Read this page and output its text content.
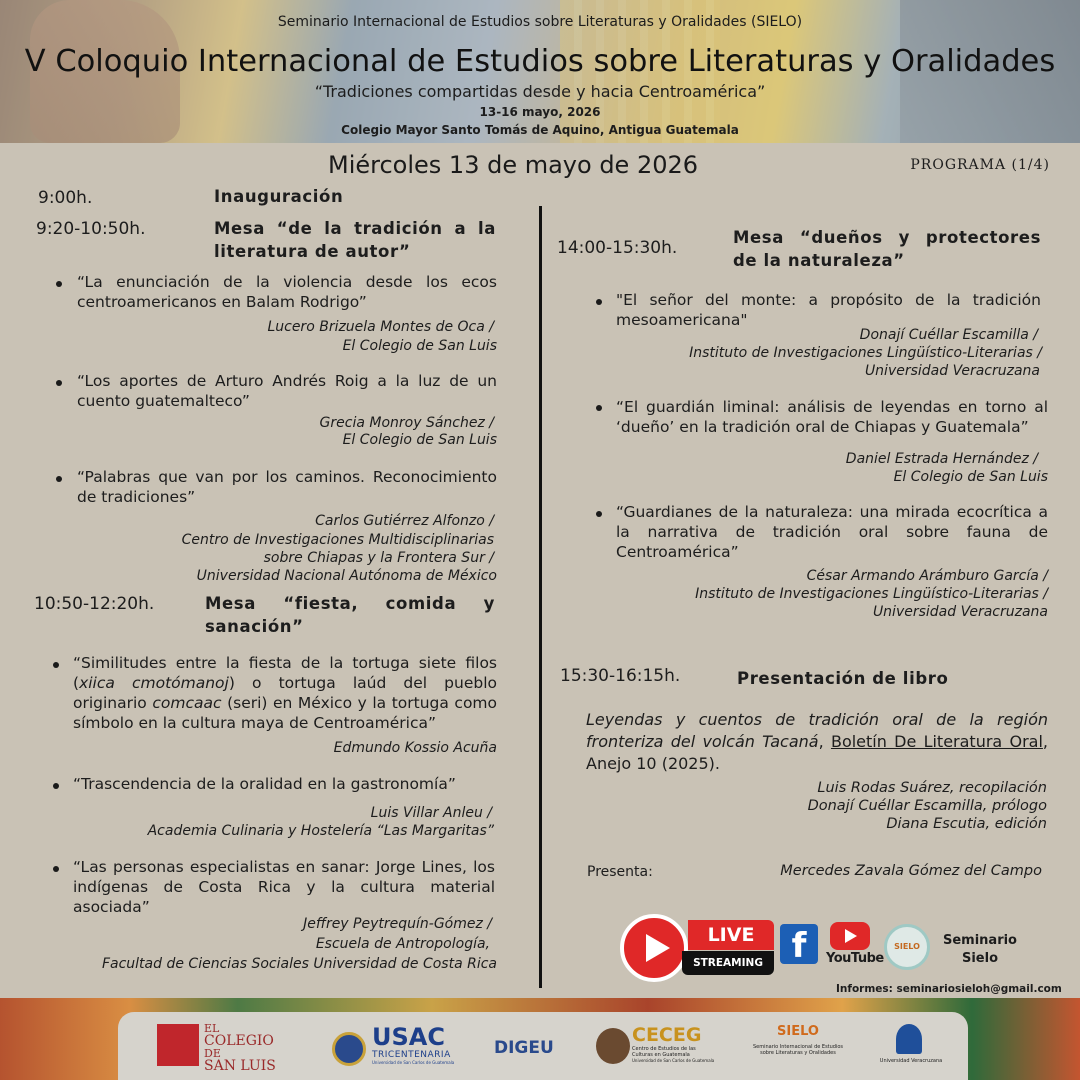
Seminario Internacional de Estudios sobre Literaturas y Oralidades (SIELO)
V Coloquio Internacional de Estudios sobre Literaturas y Oralidades
“Tradiciones compartidas desde y hacia Centroamérica”
13-16 mayo, 2026
Colegio Mayor Santo Tomás de Aquino, Antigua Guatemala
Miércoles 13 de mayo de 2026	PROGRAMA (1/4)
9:00h.	Inauguración
9:20-10:50h.	Mesa “de la tradición a la literatura de autor”
“La enunciación de la violencia desde los ecos centroamericanos en Balam Rodrigo”
Lucero Brizuela Montes de Oca /
El Colegio de San Luis
“Los aportes de Arturo Andrés Roig a la luz de un cuento guatemalteco”
Grecia Monroy Sánchez /
El Colegio de San Luis
“Palabras que van por los caminos. Reconocimiento de tradiciones”
Carlos Gutiérrez Alfonzo /
Centro de Investigaciones Multidisciplinarias
sobre Chiapas y la Frontera Sur /
Universidad Nacional Autónoma de México
10:50-12:20h.	Mesa “fiesta, comida y sanación”
“Similitudes entre la fiesta de la tortuga siete filos (xiica cmotómanoj) o tortuga laúd del pueblo originario comcaac (seri) en México y la tortuga como símbolo en la cultura maya de Centroamérica”
Edmundo Kossio Acuña
“Trascendencia de la oralidad en la gastronomía”
Luis Villar Anleu /
Academia Culinaria y Hostelería “Las Margaritas”
“Las personas especialistas en sanar: Jorge Lines, los indígenas de Costa Rica y la cultura material asociada”
Jeffrey Peytrequín-Gómez /
Escuela de Antropología,
Facultad de Ciencias Sociales Universidad de Costa Rica
14:00-15:30h.
Mesa “dueños y protectores de la naturaleza”
"El señor del monte: a propósito de la tradición mesoamericana"
Donají Cuéllar Escamilla /
Instituto de Investigaciones Lingüístico-Literarias /
Universidad Veracruzana
“El guardián liminal: análisis de leyendas en torno al ‘dueño’ en la tradición oral de Chiapas y Guatemala”
Daniel Estrada Hernández /
El Colegio de San Luis
“Guardianes de la naturaleza: una mirada ecocrítica a la narrativa de tradición oral sobre fauna de Centroamérica”
César Armando Arámburo García /
Instituto de Investigaciones Lingüístico-Literarias /
Universidad Veracruzana
15:30-16:15h.	Presentación de libro
Leyendas y cuentos de tradición oral de la región fronteriza del volcán Tacaná, Boletín De Literatura Oral, Anejo 10 (2025).
Luis Rodas Suárez, recopilación
Donají Cuéllar Escamilla, prólogo
Diana Escutia, edición
Presenta:	Mercedes Zavala Gómez del Campo
LIVE
STREAMING f	YouTube
SIELO	Seminario
Sielo
Informes: seminariosieloh@gmail.com
EL
COLEGIO
DE
SAN LUIS
USAC
TRICENTENARIA
Universidad de San Carlos de Guatemala
DIGEU
CECEG
Centro de Estudios de las
Culturas en Guatemala
Universidad de San Carlos de Guatemala
SIELO
Seminario Internacional de Estudios
sobre Literaturas y Oralidades
Universidad Veracruzana
